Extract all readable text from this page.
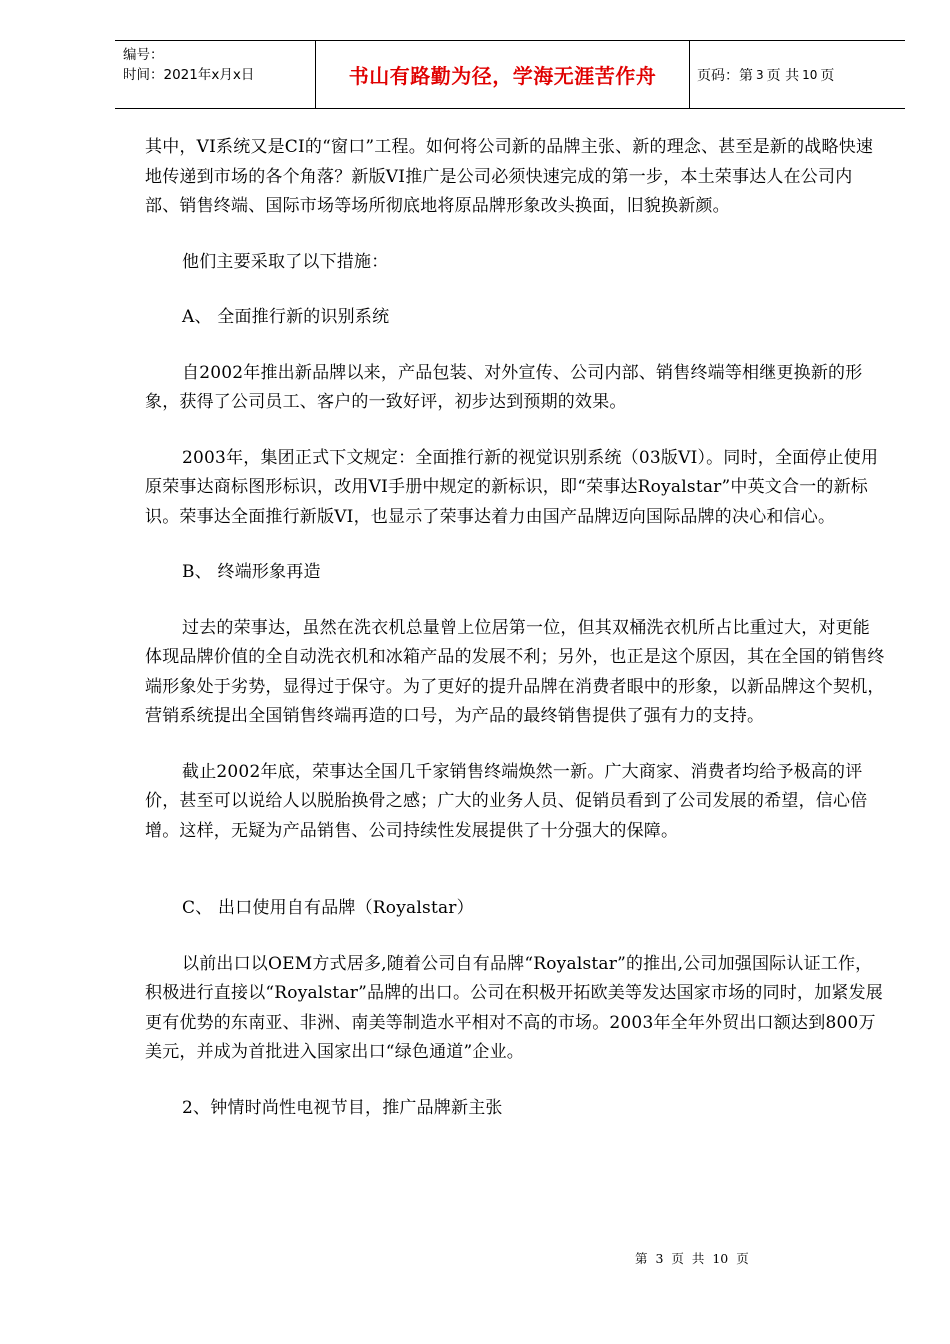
编号：
时间：2021年x月x日	书山有路勤为径，学海无涯苦作舟	页码：第 3 页 共 10 页

其中，VI系统又是CI的“窗口”工程。如何将公司新的品牌主张、新的理念、甚至是新的战略快速地传递到市场的各个角落？新版VI推广是公司必须快速完成的第一步，本土荣事达人在公司内部、销售终端、国际市场等场所彻底地将原品牌形象改头换面，旧貌换新颜。

他们主要采取了以下措施：

A、 全面推行新的识别系统

自2002年推出新品牌以来，产品包装、对外宣传、公司内部、销售终端等相继更换新的形象，获得了公司员工、客户的一致好评，初步达到预期的效果。

2003年，集团正式下文规定：全面推行新的视觉识别系统（03版VI）。同时，全面停止使用原荣事达商标图形标识，改用VI手册中规定的新标识，即“荣事达Royalstar”中英文合一的新标识。荣事达全面推行新版VI，也显示了荣事达着力由国产品牌迈向国际品牌的决心和信心。

B、 终端形象再造

过去的荣事达，虽然在洗衣机总量曾上位居第一位，但其双桶洗衣机所占比重过大，对更能体现品牌价值的全自动洗衣机和冰箱产品的发展不利；另外，也正是这个原因，其在全国的销售终端形象处于劣势，显得过于保守。为了更好的提升品牌在消费者眼中的形象，以新品牌这个契机，营销系统提出全国销售终端再造的口号，为产品的最终销售提供了强有力的支持。

截止2002年底，荣事达全国几千家销售终端焕然一新。广大商家、消费者均给予极高的评价，甚至可以说给人以脱胎换骨之感；广大的业务人员、促销员看到了公司发展的希望，信心倍增。这样，无疑为产品销售、公司持续性发展提供了十分强大的保障。

C、 出口使用自有品牌（Royalstar）

以前出口以OEM方式居多,随着公司自有品牌“Royalstar”的推出,公司加强国际认证工作，积极进行直接以“Royalstar”品牌的出口。公司在积极开拓欧美等发达国家市场的同时，加紧发展更有优势的东南亚、非洲、南美等制造水平相对不高的市场。2003年全年外贸出口额达到800万美元，并成为首批进入国家出口“绿色通道”企业。

2、钟情时尚性电视节目，推广品牌新主张

第 3 页 共 10 页
